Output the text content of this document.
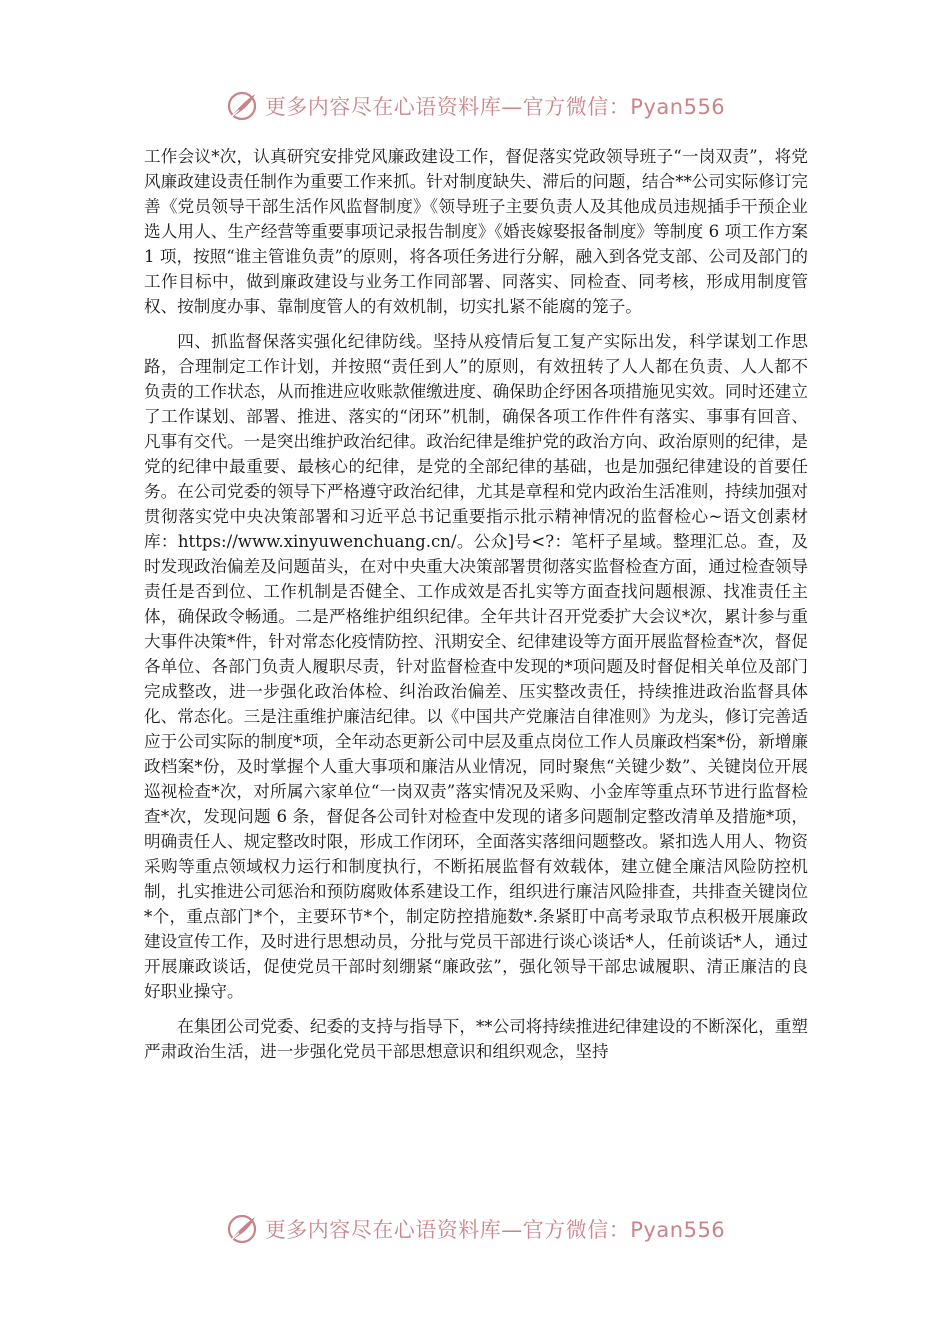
更多内容尽在心语资料库—官方微信：Pyan556

工作会议*次，认真研究安排党风廉政建设工作，督促落实党政领导班子“一岗双责”，将党风廉政建设责任制作为重要工作来抓。针对制度缺失、滞后的问题，结合**公司实际修订完善《党员领导干部生活作风监督制度》《领导班子主要负责人及其他成员违规插手干预企业选人用人、生产经营等重要事项记录报告制度》《婚丧嫁娶报备制度》等制度 6 项工作方案 1 项，按照“谁主管谁负责”的原则，将各项任务进行分解，融入到各党支部、公司及部门的工作目标中，做到廉政建设与业务工作同部署、同落实、同检查、同考核，形成用制度管权、按制度办事、靠制度管人的有效机制，切实扎紧不能腐的笼子。

四、抓监督保落实强化纪律防线。坚持从疫情后复工复产实际出发，科学谋划工作思路，合理制定工作计划，并按照“责任到人”的原则，有效扭转了人人都在负责、人人都不负责的工作状态，从而推进应收账款催缴进度、确保助企纾困各项措施见实效。同时还建立了工作谋划、部署、推进、落实的“闭环”机制，确保各项工作件件有落实、事事有回音、凡事有交代。一是突出维护政治纪律。政治纪律是维护党的政治方向、政治原则的纪律，是党的纪律中最重要、最核心的纪律，是党的全部纪律的基础，也是加强纪律建设的首要任务。在公司党委的领导下严格遵守政治纪律，尤其是章程和党内政治生活准则，持续加强对贯彻落实党中央决策部署和习近平总书记重要指示批示精神情况的监督检心~语文创素材库：https://www.xinyuwenchuang.cn/。公众]号<?：笔杆子星域。整理汇总。查，及时发现政治偏差及问题苗头，在对中央重大决策部署贯彻落实监督检查方面，通过检查领导责任是否到位、工作机制是否健全、工作成效是否扎实等方面查找问题根源、找准责任主体，确保政令畅通。二是严格维护组织纪律。全年共计召开党委扩大会议*次，累计参与重大事件决策*件，针对常态化疫情防控、汛期安全、纪律建设等方面开展监督检查*次，督促各单位、各部门负责人履职尽责，针对监督检查中发现的*项问题及时督促相关单位及部门完成整改，进一步强化政治体检、纠治政治偏差、压实整改责任，持续推进政治监督具体化、常态化。三是注重维护廉洁纪律。以《中国共产党廉洁自律准则》为龙头，修订完善适应于公司实际的制度*项，全年动态更新公司中层及重点岗位工作人员廉政档案*份，新增廉政档案*份，及时掌握个人重大事项和廉洁从业情况，同时聚焦“关键少数”、关键岗位开展巡视检查*次，对所属六家单位“一岗双责”落实情况及采购、小金库等重点环节进行监督检查*次，发现问题 6 条，督促各公司针对检查中发现的诸多问题制定整改清单及措施*项，明确责任人、规定整改时限，形成工作闭环，全面落实落细问题整改。紧扣选人用人、物资采购等重点领域权力运行和制度执行，不断拓展监督有效载体，建立健全廉洁风险防控机制，扎实推进公司惩治和预防腐败体系建设工作，组织进行廉洁风险排查，共排查关键岗位*个，重点部门*个，主要环节*个，制定防控措施数*.条紧盯中高考录取节点积极开展廉政建设宣传工作，及时进行思想动员，分批与党员干部进行谈心谈话*人，任前谈话*人，通过开展廉政谈话，促使党员干部时刻绷紧“廉政弦”，强化领导干部忠诚履职、清正廉洁的良好职业操守。

在集团公司党委、纪委的支持与指导下，**公司将持续推进纪律建设的不断深化，重塑严肃政治生活，进一步强化党员干部思想意识和组织观念，坚持

更多内容尽在心语资料库—官方微信：Pyan556
